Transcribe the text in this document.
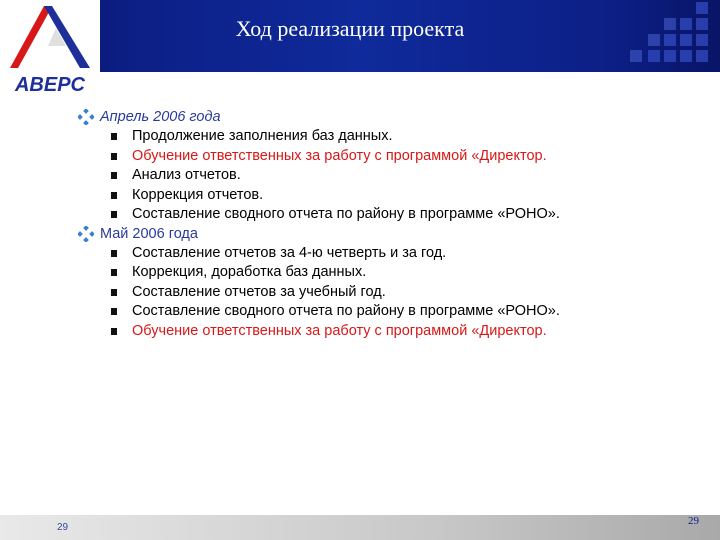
АВЕРС
Ход реализации проекта
Апрель 2006 года
Продолжение заполнения баз данных.
Обучение ответственных за работу с программой «Директор.
Анализ отчетов.
Коррекция отчетов.
Составление сводного отчета по району в программе «РОНО».
Май 2006 года
Составление отчетов за 4-ю четверть и за год.
Коррекция, доработка баз данных.
Составление отчетов за учебный год.
Составление сводного отчета по району в программе «РОНО».
Обучение ответственных за работу с программой «Директор.
29
29
